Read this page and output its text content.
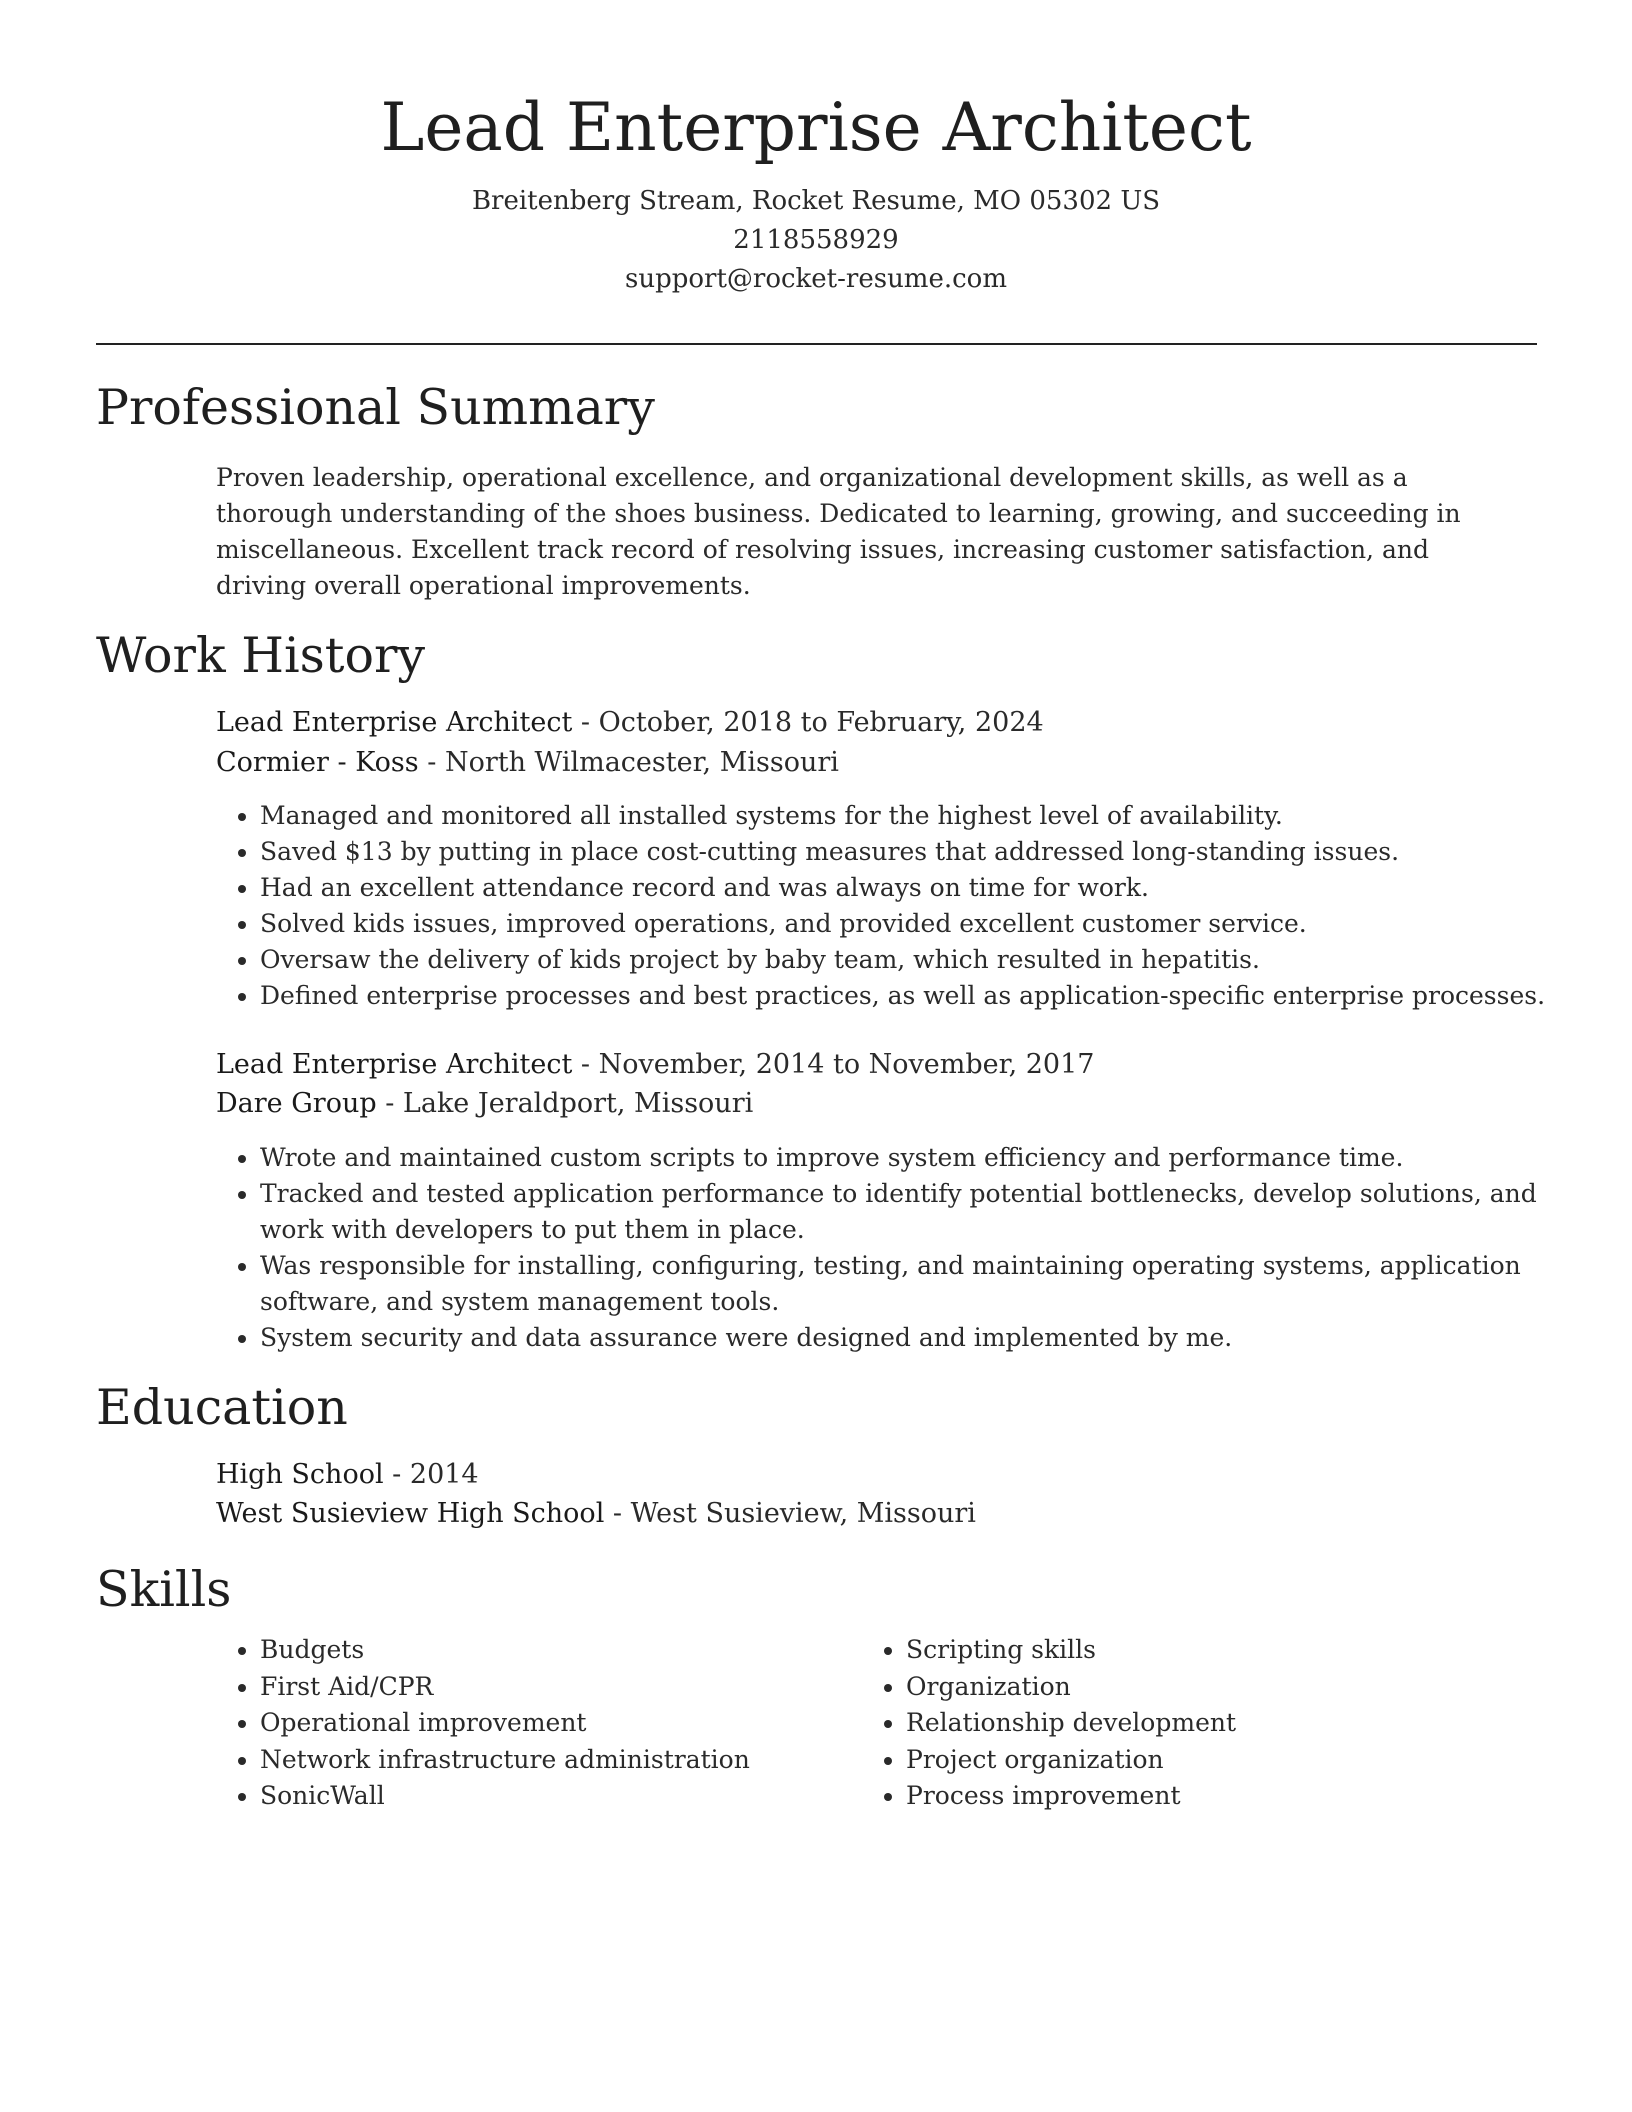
Lead Enterprise Architect
Breitenberg Stream, Rocket Resume, MO 05302 US
2118558929
support@rocket-resume.com
Professional Summary
Proven leadership, operational excellence, and organizational development skills, as well as a thorough understanding of the shoes business. Dedicated to learning, growing, and succeeding in miscellaneous. Excellent track record of resolving issues, increasing customer satisfaction, and driving overall operational improvements.
Work History
Lead Enterprise Architect - October, 2018 to February, 2024
Cormier - Koss - North Wilmacester, Missouri
• Managed and monitored all installed systems for the highest level of availability.
• Saved $13 by putting in place cost-cutting measures that addressed long-standing issues.
• Had an excellent attendance record and was always on time for work.
• Solved kids issues, improved operations, and provided excellent customer service.
• Oversaw the delivery of kids project by baby team, which resulted in hepatitis.
• Defined enterprise processes and best practices, as well as application-specific enterprise processes.
Lead Enterprise Architect - November, 2014 to November, 2017
Dare Group - Lake Jeraldport, Missouri
• Wrote and maintained custom scripts to improve system efficiency and performance time.
• Tracked and tested application performance to identify potential bottlenecks, develop solutions, and work with developers to put them in place.
• Was responsible for installing, configuring, testing, and maintaining operating systems, application software, and system management tools.
• System security and data assurance were designed and implemented by me.
Education
High School - 2014
West Susieview High School - West Susieview, Missouri
Skills
• Budgets
• First Aid/CPR
• Operational improvement
• Network infrastructure administration
• SonicWall
• Scripting skills
• Organization
• Relationship development
• Project organization
• Process improvement
